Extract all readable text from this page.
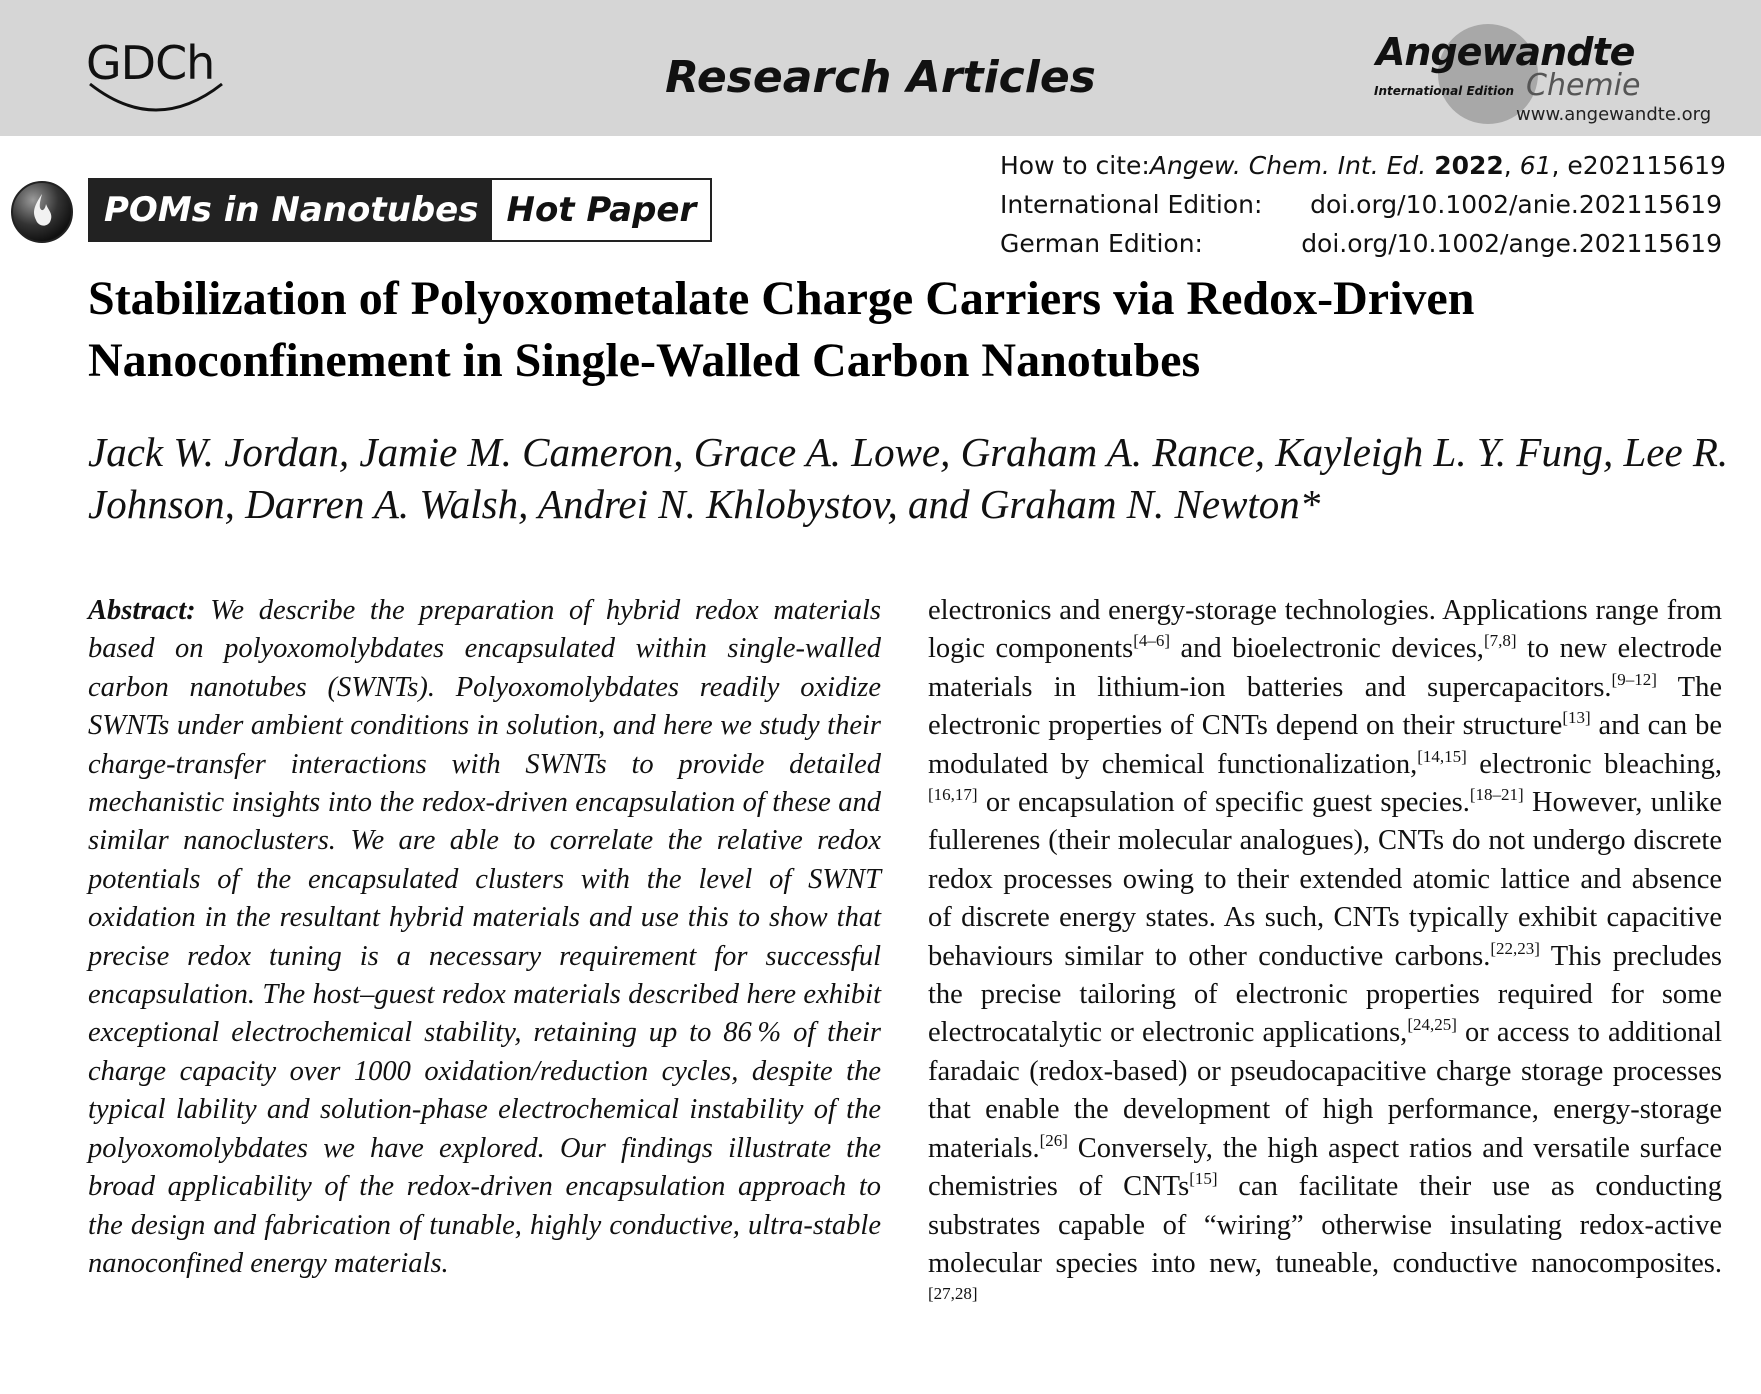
GDCh	Research Articles	Angewandte
International Edition Chemie
www.angewandte.org
How to cite: Angew. Chem. Int. Ed. 2022, 61, e202115619
International Edition: doi.org/10.1002/anie.202115619
German Edition:	doi.org/10.1002/ange.202115619
POMs in Nanotubes Hot Paper
Stabilization of Polyoxometalate Charge Carriers via Redox-Driven Nanoconfinement in Single-Walled Carbon Nanotubes
Jack W. Jordan, Jamie M. Cameron, Grace A. Lowe, Graham A. Rance, Kayleigh L. Y. Fung, Lee R. Johnson, Darren A. Walsh, Andrei N. Khlobystov, and Graham N. Newton*
Abstract: We describe the preparation of hybrid redox materials based on polyoxomolybdates encapsulated within single-walled carbon nanotubes (SWNTs). Polyoxomolybdates readily oxidize SWNTs under ambient conditions in solution, and here we study their charge-transfer interactions with SWNTs to provide detailed mechanistic insights into the redox-driven encapsulation of these and similar nanoclusters. We are able to correlate the relative redox potentials of the encapsulated clusters with the level of SWNT oxidation in the resultant hybrid materials and use this to show that precise redox tuning is a necessary requirement for successful encapsulation. The host–guest redox materials described here exhibit exceptional electrochemical stability, retaining up to 86 % of their charge capacity over 1000 oxidation/reduction cycles, despite the typical lability and solution-phase electrochemical instability of the polyoxomolybdates we have explored. Our findings illustrate the broad applicability of the redox-driven encapsulation approach to the design and fabrication of tunable, highly conductive, ultra-stable nanoconfined energy materials.
electronics and energy-storage technologies. Applications range from logic components[4–6] and bioelectronic devices,[7,8] to new electrode materials in lithium-ion batteries and supercapacitors.[9–12] The electronic properties of CNTs depend on their structure[13] and can be modulated by chemical functionalization,[14,15] electronic bleaching,[16,17] or encapsulation of specific guest species.[18–21] However, unlike fullerenes (their molecular analogues), CNTs do not undergo discrete redox processes owing to their extended atomic lattice and absence of discrete energy states. As such, CNTs typically exhibit capacitive behaviours similar to other conductive carbons.[22,23] This precludes the precise tailoring of electronic properties required for some electrocatalytic or electronic applications,[24,25] or access to additional faradaic (redox-based) or pseudocapacitive charge storage processes that enable the development of high performance, energy-storage materials.[26] Conversely, the high aspect ratios and versatile surface chemistries of CNTs[15] can facilitate their use as conducting substrates capable of “wiring” otherwise insulating redox-active molecular species into new, tuneable, conductive nanocomposites.[27,28]
